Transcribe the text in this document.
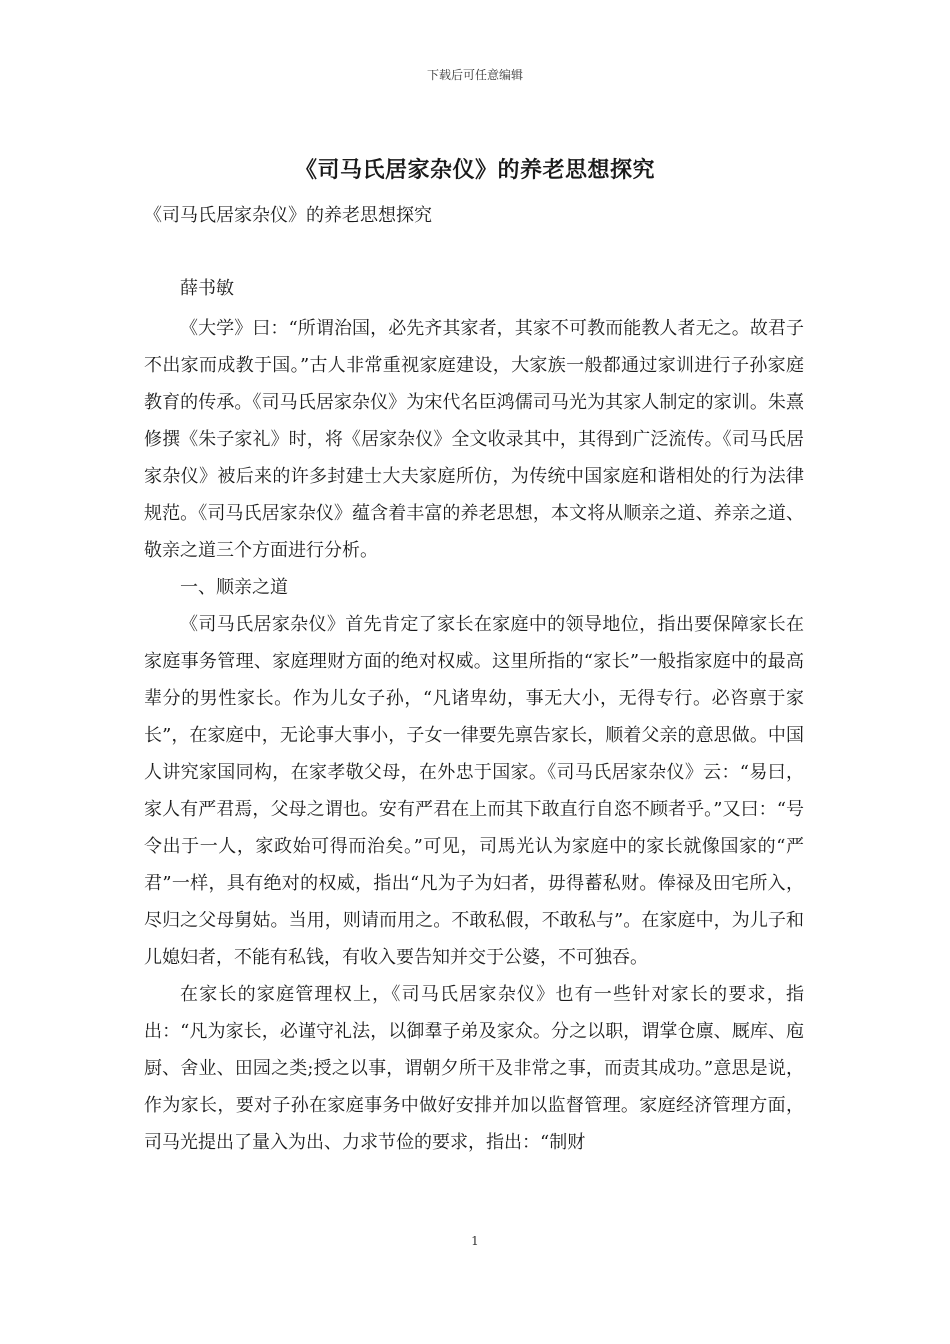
下载后可任意编辑
《司马氏居家杂仪》的养老思想探究
《司马氏居家杂仪》的养老思想探究
薛书敏

《大学》曰：“所谓治国，必先齐其家者，其家不可教而能教人者无之。故君子不出家而成教于国。”古人非常重视家庭建设，大家族一般都通过家训进行子孙家庭教育的传承。《司马氏居家杂仪》为宋代名臣鸿儒司马光为其家人制定的家训。朱熹修撰《朱子家礼》时，将《居家杂仪》全文收录其中，其得到广泛流传。《司马氏居家杂仪》被后来的许多封建士大夫家庭所仿，为传统中国家庭和谐相处的行为法律规范。《司马氏居家杂仪》蕴含着丰富的养老思想，本文将从顺亲之道、养亲之道、敬亲之道三个方面进行分析。

一、顺亲之道

《司马氏居家杂仪》首先肯定了家长在家庭中的领导地位，指出要保障家长在家庭事务管理、家庭理财方面的绝对权威。这里所指的“家长”一般指家庭中的最高辈分的男性家长。作为儿女子孙，“凡诸卑幼，事无大小，无得专行。必咨禀于家长”，在家庭中，无论事大事小，子女一律要先禀告家长，顺着父亲的意思做。中国人讲究家国同构，在家孝敬父母，在外忠于国家。《司马氏居家杂仪》云：“易曰，家人有严君焉，父母之谓也。安有严君在上而其下敢直行自恣不顾者乎。”又曰：“号令出于一人，家政始可得而治矣。”可见，司馬光认为家庭中的家长就像国家的“严君”一样，具有绝对的权威，指出“凡为子为妇者，毋得蓄私财。俸禄及田宅所入，尽归之父母舅姑。当用，则请而用之。不敢私假，不敢私与”。在家庭中，为儿子和儿媳妇者，不能有私钱，有收入要告知并交于公婆，不可独吞。

在家长的家庭管理权上，《司马氏居家杂仪》也有一些针对家长的要求，指出：“凡为家长，必谨守礼法，以御羣子弟及家众。分之以职，谓掌仓廪、厩库、庖厨、舍业、田园之类;授之以事，谓朝夕所干及非常之事，而责其成功。”意思是说，作为家长，要对子孙在家庭事务中做好安排并加以监督管理。家庭经济管理方面，司马光提出了量入为出、力求节俭的要求，指出：“制财

1
